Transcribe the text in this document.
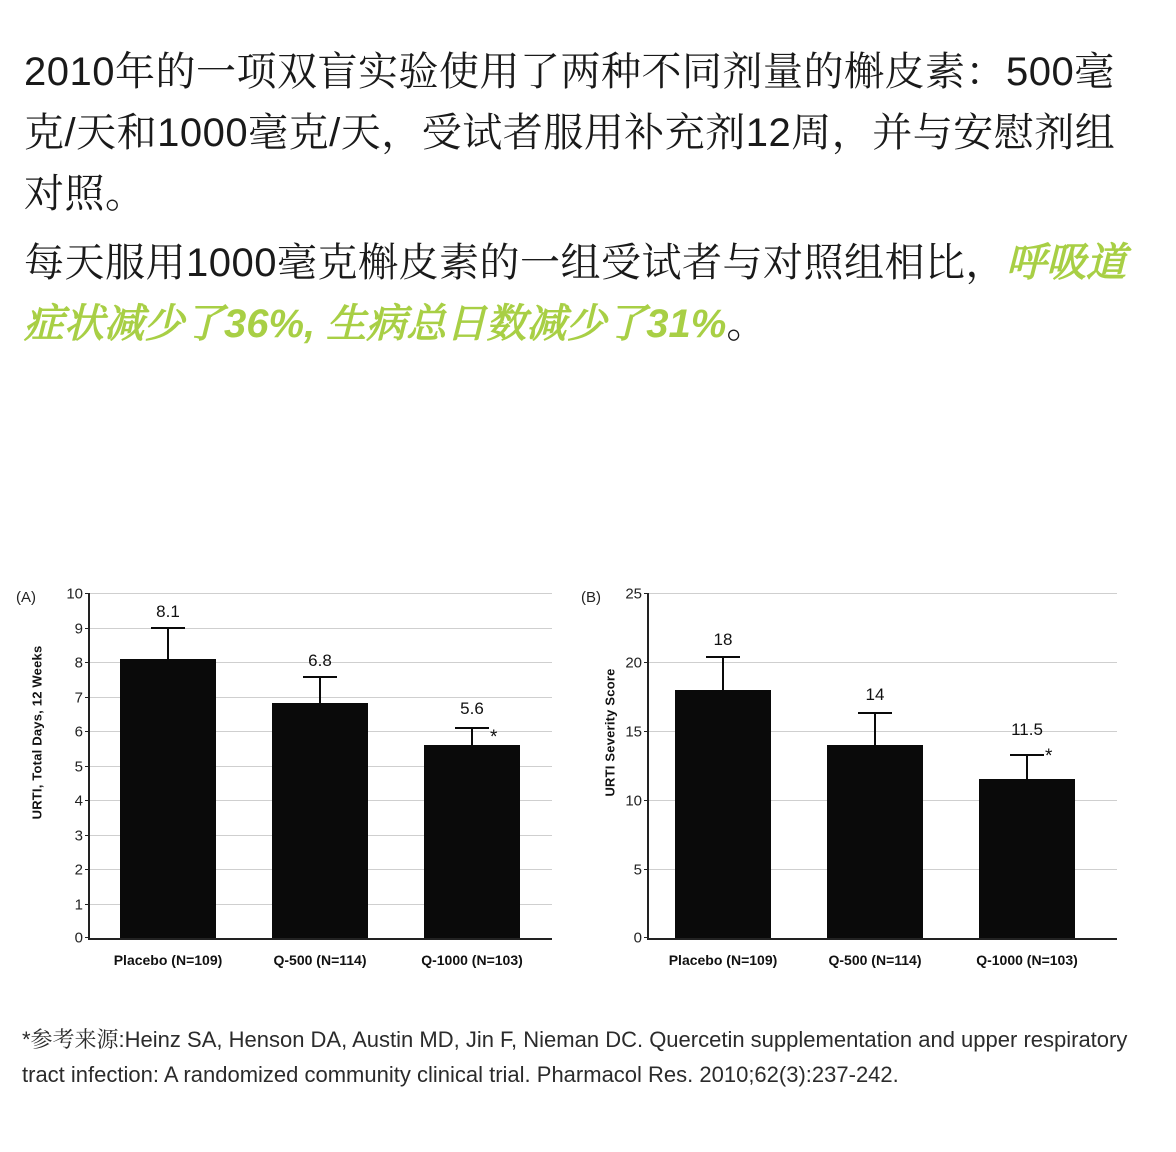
2010年的一项双盲实验使用了两种不同剂量的槲皮素：500毫克/天和1000毫克/天，受试者服用补充剂12周，并与安慰剂组对照。

每天服用1000毫克槲皮素的一组受试者与对照组相比，呼吸道症状减少了36%, 生病总日数减少了31%。

(A)
URTI, Total Days, 12 Weeks
10
9
8
7
6
5
4
3
2
1
0
8.1
Placebo (N=109)
6.8
Q-500 (N=114)
5.6
*
Q-1000 (N=103)
(B)
URTI Severity Score
25
20
15
10
5
0
18
Placebo (N=109)
14
Q-500 (N=114)
11.5
*
Q-1000 (N=103)
*参考来源:Heinz SA, Henson DA, Austin MD, Jin F, Nieman DC. Quercetin supplementation and upper respiratory tract infection: A randomized community clinical trial. Pharmacol Res. 2010;62(3):237-242.
